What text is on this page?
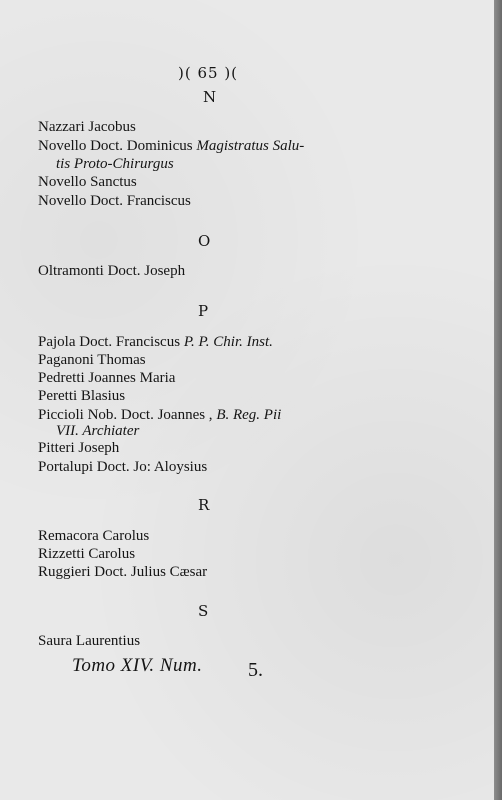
)( 65 )(
N
Nazzari Jacobus
Novello Doct. Dominicus Magistratus Salu-
tis Proto-Chirurgus
Novello Sanctus
Novello Doct. Franciscus
O
Oltramonti Doct. Joseph
P
Pajola Doct. Franciscus P. P. Chir. Inst.
Paganoni Thomas
Pedretti Joannes Maria
Peretti Blasius
Piccioli Nob. Doct. Joannes , B. Reg. Pii
VII. Archiater
Pitteri Joseph
Portalupi Doct. Jo: Aloysius
R
Remacora Carolus
Rizzetti Carolus
Ruggieri Doct. Julius Cæsar
S
Saura Laurentius
Tomo XIV. Num. 5.
